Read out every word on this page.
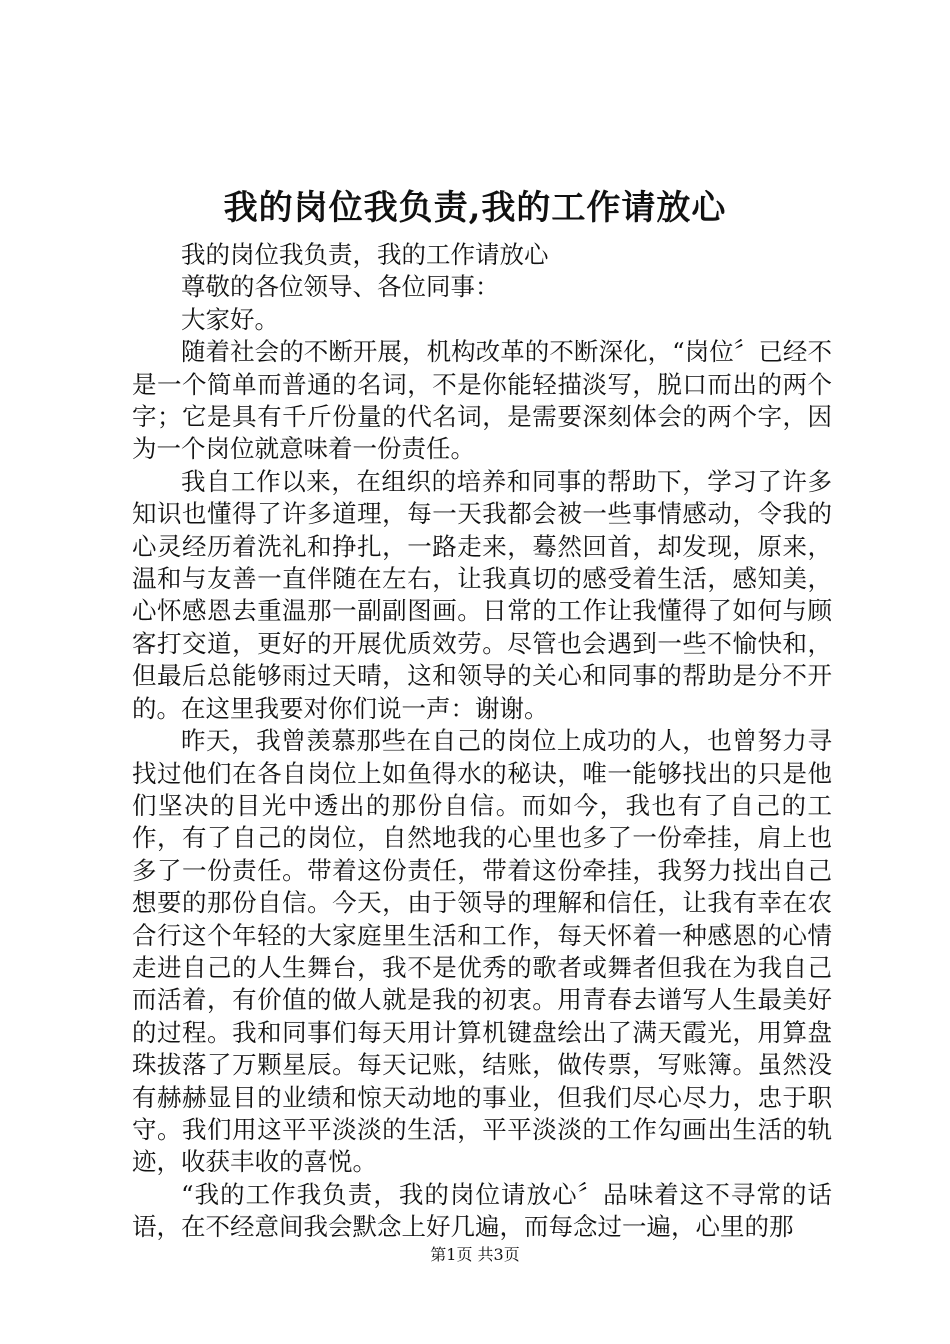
我的岗位我负责,我的工作请放心

我的岗位我负责，我的工作请放心

尊敬的各位领导、各位同事：

大家好。

随着社会的不断开展，机构改革的不断深化，“岗位〞已经不是一个简单而普通的名词，不是你能轻描淡写，脱口而出的两个字；它是具有千斤份量的代名词，是需要深刻体会的两个字，因为一个岗位就意味着一份责任。

我自工作以来，在组织的培养和同事的帮助下，学习了许多知识也懂得了许多道理，每一天我都会被一些事情感动，令我的心灵经历着洗礼和挣扎，一路走来，蓦然回首，却发现，原来，温和与友善一直伴随在左右，让我真切的感受着生活，感知美，心怀感恩去重温那一副副图画。日常的工作让我懂得了如何与顾客打交道，更好的开展优质效劳。尽管也会遇到一些不愉快和，但最后总能够雨过天晴，这和领导的关心和同事的帮助是分不开的。在这里我要对你们说一声：谢谢。

昨天，我曾羡慕那些在自己的岗位上成功的人，也曾努力寻找过他们在各自岗位上如鱼得水的秘诀，唯一能够找出的只是他们坚决的目光中透出的那份自信。而如今，我也有了自己的工作，有了自己的岗位，自然地我的心里也多了一份牵挂，肩上也多了一份责任。带着这份责任，带着这份牵挂，我努力找出自己想要的那份自信。今天，由于领导的理解和信任，让我有幸在农合行这个年轻的大家庭里生活和工作，每天怀着一种感恩的心情走进自己的人生舞台，我不是优秀的歌者或舞者但我在为我自己而活着，有价值的做人就是我的初衷。用青春去谱写人生最美好的过程。我和同事们每天用计算机键盘绘出了满天霞光，用算盘珠拔落了万颗星辰。每天记账，结账，做传票，写账簿。虽然没有赫赫显目的业绩和惊天动地的事业，但我们尽心尽力，忠于职守。我们用这平平淡淡的生活，平平淡淡的工作勾画出生活的轨迹，收获丰收的喜悦。

“我的工作我负责，我的岗位请放心〞品味着这不寻常的话语，在不经意间我会默念上好几遍，而每念过一遍，心里的那

第1页 共3页
